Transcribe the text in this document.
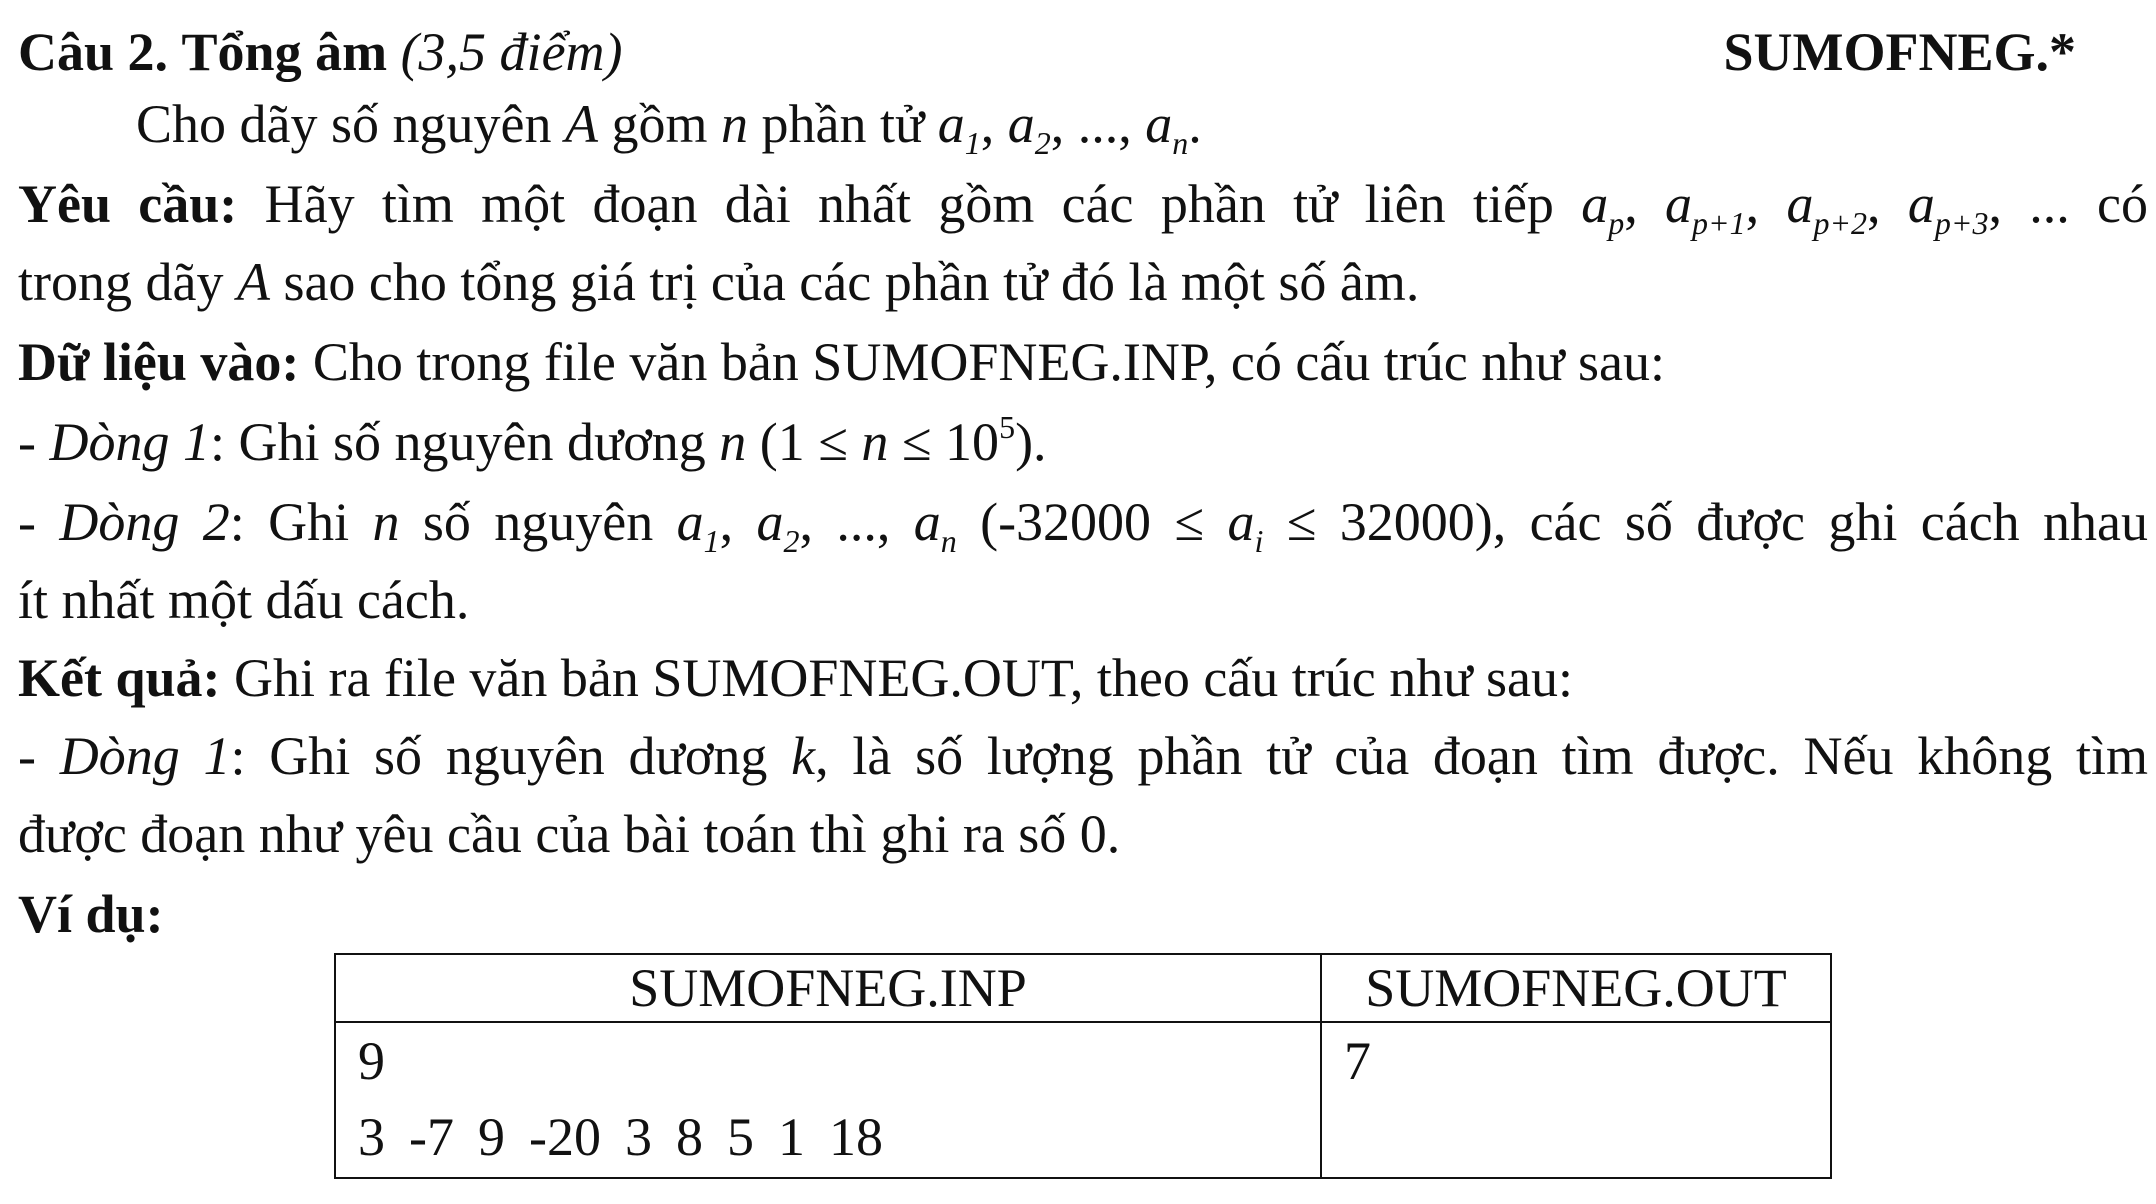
Câu 2. Tổng âm (3,5 điểm)	SUMOFNEG.*
Cho dãy số nguyên A gồm n phần tử $a_1$, $a_2$, ..., $a_n$.
Yêu cầu: Hãy tìm một đoạn dài nhất gồm các phần tử liên tiếp $a_p$, $a_{p+1}$, $a_{p+2}$, $a_{p+3}$, ... có
trong dãy A sao cho tổng giá trị của các phần tử đó là một số âm.
Dữ liệu vào: Cho trong file văn bản SUMOFNEG.INP, có cấu trúc như sau:
- Dòng 1: Ghi số nguyên dương n $(1 \le n \le 10^5)$.
- Dòng 2: Ghi n số nguyên $a_1$, $a_2$, ..., $a_n$ $(-32000 \le a_i \le 32000)$, các số được ghi cách nhau
ít nhất một dấu cách.
Kết quả: Ghi ra file văn bản SUMOFNEG.OUT, theo cấu trúc như sau:
- Dòng 1: Ghi số nguyên dương k, là số lượng phần tử của đoạn tìm được. Nếu không tìm
được đoạn như yêu cầu của bài toán thì ghi ra số 0.
Ví dụ:
SUMOFNEG.INP	SUMOFNEG.OUT

9
3 -7 9 -20 3 8 5 1 18	7
